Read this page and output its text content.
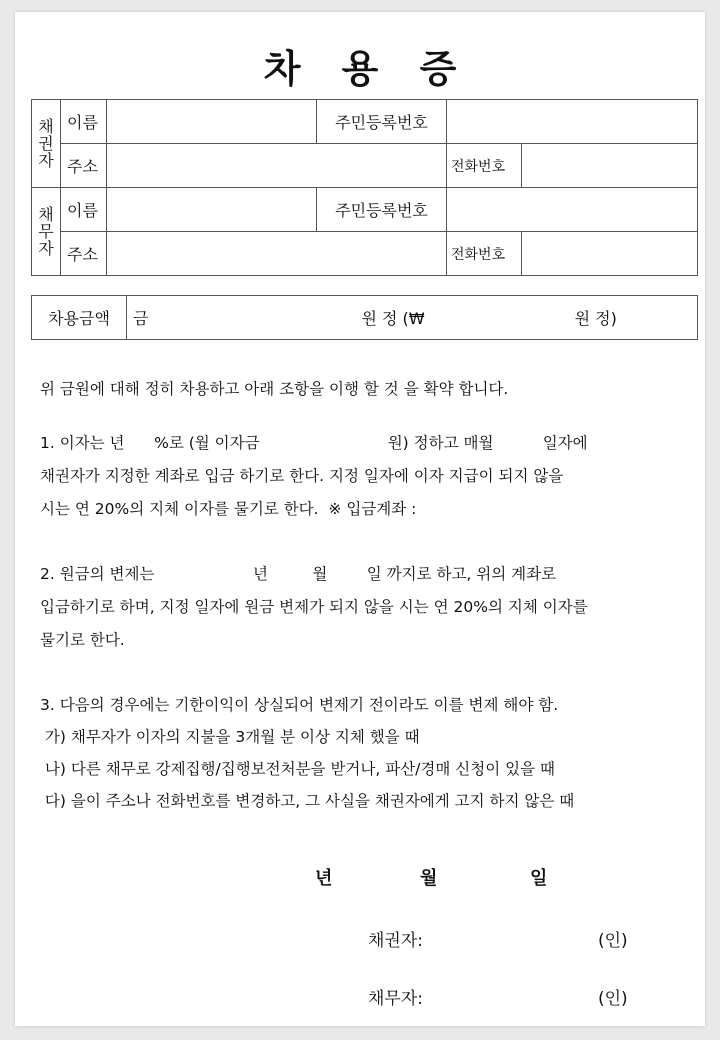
차 용 증
채
권
자	이름		주민등록번호		
	주소			전화번호	

채
무
자	이름		주민등록번호		
	주소			전화번호	
차용금액	금	원 정 (₩	원 정)
위 금원에 대해 정히 차용하고 아래 조항을 이행 할 것 을 확약 합니다.
1. 이자는 년      %로 (월 이자금                          원) 정하고 매월          일자에
채권자가 지정한 계좌로 입금 하기로 한다. 지정 일자에 이자 지급이 되지 않을
시는 연 20%의 지체 이자를 물기로 한다.  ※ 입금계좌 :
2. 원금의 변제는                    년         월        일 까지로 하고, 위의 계좌로
입금하기로 하며, 지정 일자에 원금 변제가 되지 않을 시는 연 20%의 지체 이자를
물기로 한다.
3. 다음의 경우에는 기한이익이 상실되어 변제기 전이라도 이를 변제 해야 함.
가) 채무자가 이자의 지불을 3개월 분 이상 지체 했을 때
나) 다른 채무로 강제집행/집행보전처분을 받거나, 파산/경매 신청이 있을 때
다) 을이 주소나 전화번호를 변경하고, 그 사실을 채권자에게 고지 하지 않은 때
년	월	일
채권자:	(인)
채무자:	(인)
